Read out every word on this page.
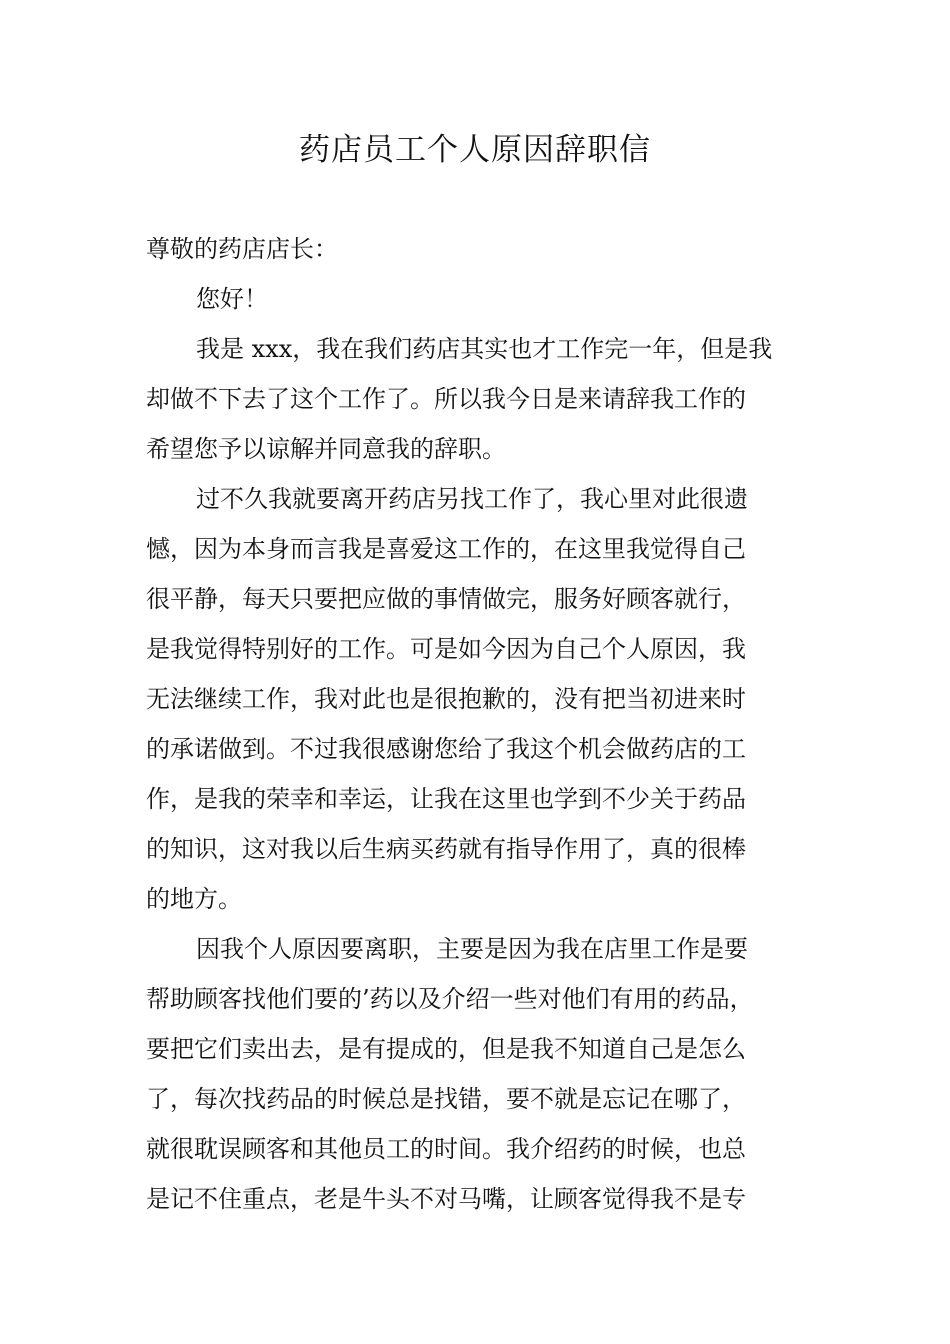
药店员工个人原因辞职信
尊敬的药店店长：
您好！
我是 xxx，我在我们药店其实也才工作完一年，但是我
却做不下去了这个工作了。所以我今日是来请辞我工作的
希望您予以谅解并同意我的辞职。
过不久我就要离开药店另找工作了，我心里对此很遗
憾，因为本身而言我是喜爱这工作的，在这里我觉得自己
很平静，每天只要把应做的事情做完，服务好顾客就行，
是我觉得特别好的工作。可是如今因为自己个人原因，我
无法继续工作，我对此也是很抱歉的，没有把当初进来时
的承诺做到。不过我很感谢您给了我这个机会做药店的工
作，是我的荣幸和幸运，让我在这里也学到不少关于药品
的知识，这对我以后生病买药就有指导作用了，真的很棒
的地方。
因我个人原因要离职，主要是因为我在店里工作是要
帮助顾客找他们要的’药以及介绍一些对他们有用的药品，
要把它们卖出去，是有提成的，但是我不知道自己是怎么
了，每次找药品的时候总是找错，要不就是忘记在哪了，
就很耽误顾客和其他员工的时间。我介绍药的时候，也总
是记不住重点，老是牛头不对马嘴，让顾客觉得我不是专
